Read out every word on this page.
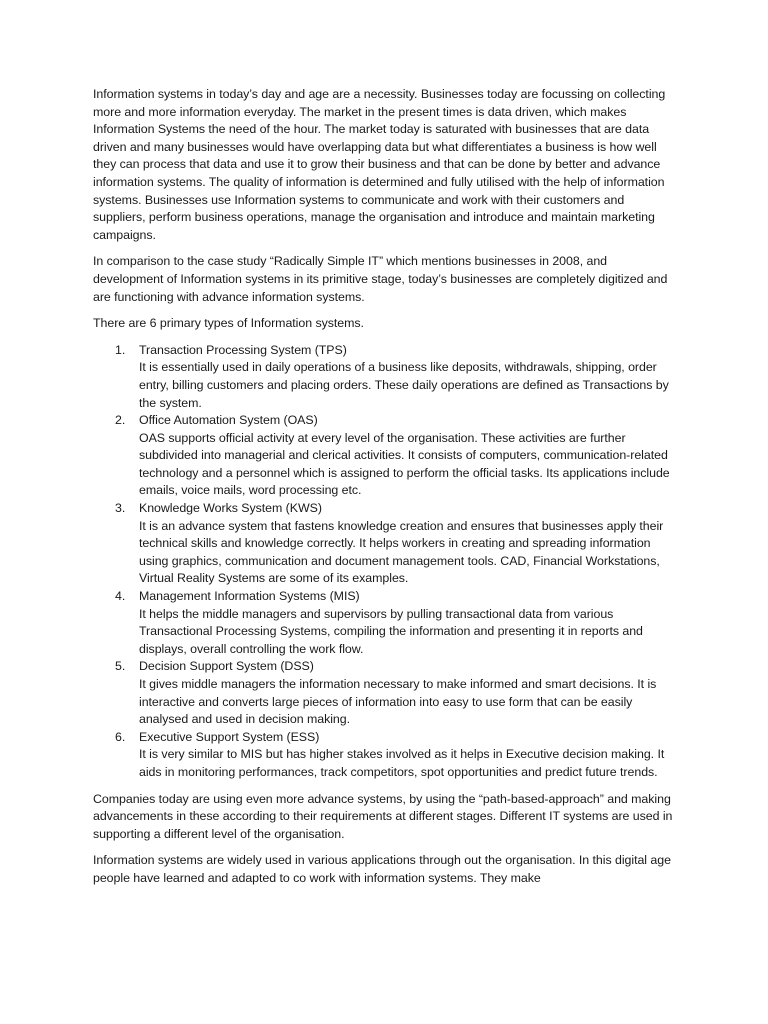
Information systems in today’s day and age are a necessity. Businesses today are focussing on collecting more and more information everyday. The market in the present times is data driven, which makes Information Systems the need of the hour. The market today is saturated with businesses that are data driven and many businesses would have overlapping data but what differentiates a business is how well they can process that data and use it to grow their business and that can be done by better and advance information systems. The quality of information is determined and fully utilised with the help of information systems. Businesses use Information systems to communicate and work with their customers and suppliers, perform business operations, manage the organisation and introduce and maintain marketing campaigns.

In comparison to the case study “Radically Simple IT” which mentions businesses in 2008, and development of Information systems in its primitive stage, today’s businesses are completely digitized and are functioning with advance information systems.

There are 6 primary types of Information systems.

Transaction Processing System (TPS)
It is essentially used in daily operations of a business like deposits, withdrawals, shipping, order entry, billing customers and placing orders. These daily operations are defined as Transactions by the system.
Office Automation System (OAS)
OAS supports official activity at every level of the organisation. These activities are further subdivided into managerial and clerical activities. It consists of computers, communication-related technology and a personnel which is assigned to perform the official tasks. Its applications include emails, voice mails, word processing etc.
Knowledge Works System (KWS)
It is an advance system that fastens knowledge creation and ensures that businesses apply their technical skills and knowledge correctly. It helps workers in creating and spreading information using graphics, communication and document management tools. CAD, Financial Workstations, Virtual Reality Systems are some of its examples.
Management Information Systems (MIS)
It helps the middle managers and supervisors by pulling transactional data from various Transactional Processing Systems, compiling the information and presenting it in reports and displays, overall controlling the work flow.
Decision Support System (DSS)
It gives middle managers the information necessary to make informed and smart decisions. It is interactive and converts large pieces of information into easy to use form that can be easily analysed and used in decision making.
Executive Support System (ESS)
It is very similar to MIS but has higher stakes involved as it helps in Executive decision making. It aids in monitoring performances, track competitors, spot opportunities and predict future trends.

Companies today are using even more advance systems, by using the “path-based-approach” and making advancements in these according to their requirements at different stages. Different IT systems are used in supporting a different level of the organisation.

Information systems are widely used in various applications through out the organisation. In this digital age people have learned and adapted to co work with information systems. They make
